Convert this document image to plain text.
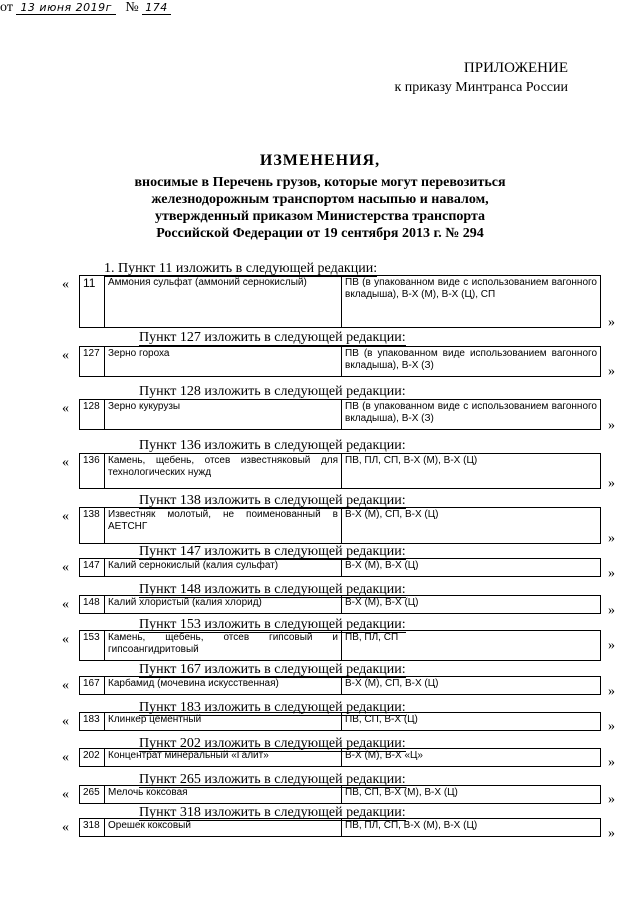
ПРИЛОЖЕНИЕ
к приказу Минтранса России
от 13 июня 2019г № 174
ИЗМЕНЕНИЯ,
вносимые в Перечень грузов, которые могут перевозиться
железнодорожным транспортом насыпью и навалом,
утвержденный приказом Министерства транспорта
Российской Федерации от 19 сентября 2013 г. № 294
1. Пункт 11 изложить в следующей редакции:
« 11	Аммония сульфат (аммоний сернокислый)	ПВ (в упакованном виде с использованием вагонного вкладыша), В-Х (М), В-Х (Ц), СП
»
Пункт 127 изложить в следующей редакции:
« 127	Зерно гороха	ПВ (в упакованном виде использованием вагонного вкладыша), В-Х (З)	»
Пункт 128 изложить в следующей редакции:
« 128	Зерно кукурузы	ПВ (в упакованном виде с использованием вагонного вкладыша), В-Х (З)	»
Пункт 136 изложить в следующей редакции:
« 136	Камень, щебень, отсев известняковый для технологических нужд	ПВ, ПЛ, СП, В-Х (М), В-Х (Ц)
»
Пункт 138 изложить в следующей редакции:
« 138	Известняк молотый, не поименованный в АЕТСНГ	В-Х (М), СП, В-Х (Ц)
»
Пункт 147 изложить в следующей редакции:
« 147	Калий сернокислый (калия сульфат)	В-Х (М), В-Х (Ц)
»
Пункт 148 изложить в следующей редакции:
« 148	Калий хлористый (калия хлорид)	В-Х (М), В-Х (Ц)
»
Пункт 153 изложить в следующей редакции:
« 153	Камень, щебень, отсев гипсовый и гипсоангидритовый	ПВ, ПЛ, СП
»
Пункт 167 изложить в следующей редакции:
« 167	Карбамид (мочевина искусственная)	В-Х (М), СП, В-Х (Ц)
»
Пункт 183 изложить в следующей редакции:
« 183	Клинкер цементный	ПВ, СП, В-Х (Ц)	»
Пункт 202 изложить в следующей редакции:
« 202	Концентрат минеральный «Галит»	В-Х (М), В-Х «Ц»	»
Пункт 265 изложить в следующей редакции:
« 265	Мелочь коксовая	ПВ, СП, В-Х (М), В-Х (Ц)	»
Пункт 318 изложить в следующей редакции:
« 318	Орешек коксовый	ПВ, ПЛ, СП, В-Х (М), В-Х (Ц)
»
